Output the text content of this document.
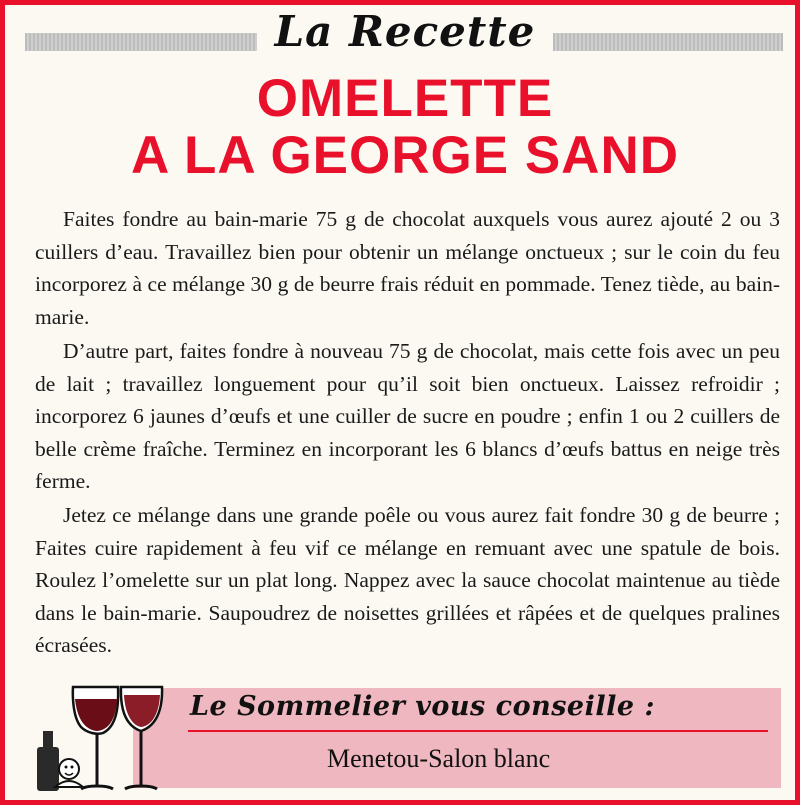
La Recette
OMELETTE
A LA GEORGE SAND

Faites fondre au bain-marie 75 g de chocolat auxquels vous aurez ajouté 2 ou 3 cuillers d’eau. Travaillez bien pour obtenir un mélange onctueux ; sur le coin du feu incorporez à ce mélange 30 g de beurre frais réduit en pommade. Tenez tiède, au bain-marie.

D’autre part, faites fondre à nouveau 75 g de chocolat, mais cette fois avec un peu de lait ; travaillez longuement pour qu’il soit bien onctueux. Laissez refroidir ; incorporez 6 jaunes d’œufs et une cuiller de sucre en poudre ; enfin 1 ou 2 cuillers de belle crème fraîche. Terminez en incorporant les 6 blancs d’œufs battus en neige très ferme.

Jetez ce mélange dans une grande poêle ou vous aurez fait fondre 30 g de beurre ; Faites cuire rapidement à feu vif ce mélange en remuant avec une spatule de bois. Roulez l’omelette sur un plat long. Nappez avec la sauce chocolat maintenue au tiède dans le bain-marie. Saupoudrez de noisettes grillées et râpées et de quelques pralines écrasées.

Le Sommelier vous conseille :
Menetou-Salon blanc
